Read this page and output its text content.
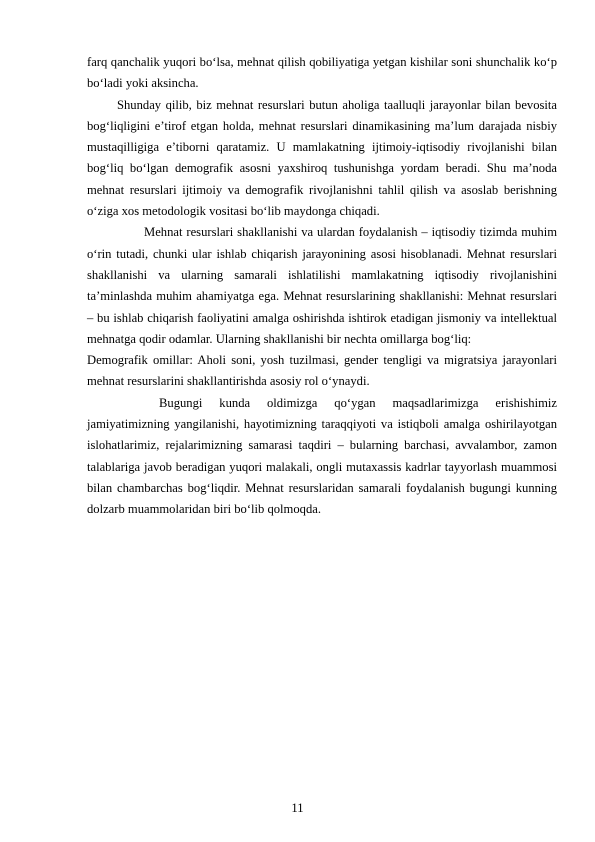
farq qanchalik yuqori bo‘lsa, mehnat qilish qobiliyatiga yetgan kishilar soni shunchalik ko‘p bo‘ladi yoki aksincha.

Shunday qilib, biz mehnat resurslari butun aholiga taalluqli jarayonlar bilan bevosita bog‘liqligini e’tirof etgan holda, mehnat resurslari dinamikasining ma’lum darajada nisbiy mustaqilligiga e’tiborni qaratamiz. U mamlakatning ijtimoiy-iqtisodiy rivojlanishi bilan bog‘liq bo‘lgan demografik asosni yaxshiroq tushunishga yordam beradi. Shu ma’noda mehnat resurslari ijtimoiy va demografik rivojlanishni tahlil qilish va asoslab berishning o‘ziga xos metodologik vositasi bo‘lib maydonga chiqadi.

Mehnat resurslari shakllanishi va ulardan foydalanish – iqtisodiy tizimda muhim o‘rin tutadi, chunki ular ishlab chiqarish jarayonining asosi hisoblanadi. Mehnat resurslari shakllanishi va ularning samarali ishlatilishi mamlakatning iqtisodiy rivojlanishini ta’minlashda muhim ahamiyatga ega. Mehnat resurslarining shakllanishi: Mehnat resurslari – bu ishlab chiqarish faoliyatini amalga oshirishda ishtirok etadigan jismoniy va intellektual mehnatga qodir odamlar. Ularning shakllanishi bir nechta omillarga bog‘liq:

Demografik omillar: Aholi soni, yosh tuzilmasi, gender tengligi va migratsiya jarayonlari mehnat resurslarini shakllantirishda asosiy rol o‘ynaydi.

Bugungi kunda oldimizga qo‘ygan maqsadlarimizga erishishimiz jamiyatimizning yangilanishi, hayotimizning taraqqiyoti va istiqboli amalga oshirilayotgan islohatlarimiz, rejalarimizning samarasi taqdiri – bularning barchasi, avvalambor, zamon talablariga javob beradigan yuqori malakali, ongli mutaxassis kadrlar tayyorlash muammosi bilan chambarchas bog‘liqdir. Mehnat resurslaridan samarali foydalanish bugungi kunning dolzarb muammolaridan biri bo‘lib qolmoqda.

11
